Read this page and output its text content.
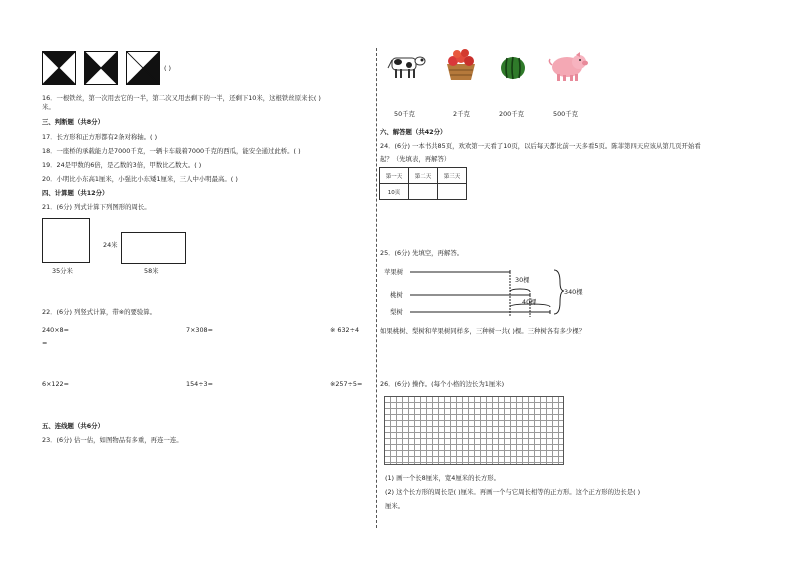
( )
16．一根铁丝，第一次用去它的一半，第二次又用去剩下的一半，还剩下10米，这根铁丝原来长( )
米。
三、判断题（共8分）
17．长方形和正方形都有2条对称轴。( )
18．一座桥的承载能力是7000千克，一辆卡车载着7000千克的西瓜，能安全通过此桥。( )
19．24是甲数的6倍，是乙数的3倍，甲数比乙数大。( )
20．小明比小东高1厘米，小强比小东矮1厘米，三人中小明最高。( )
四、计算题（共12分）
21．(6分) 列式计算下列图形的周长。
35分米
24米
58米
22．(6分) 列竖式计算，带※的要验算。
240×8=	7×308=	※ 632÷4
=
6×122=	154÷3=	※257÷5=
五、连线题（共6分）
23．(6分) 估一估，如图物品有多重，再连一连。
50千克	2千克	200千克	500千克
六、解答题（共42分）
24．(6分) 一本书共85页，欢欢第一天看了10页，以后每天都比前一天多看5页。陈菲第四天应该从第几页开始看
起？（先填表，再解答）
第一天	第二天	第三天
10页		
25．(6分) 先填空，再解答。
苹果树
桃树
梨树
30棵
40棵
340棵
如果桃树、梨树和苹果树同样多，三种树一共( )棵。三种树各有多少棵？
26．(6分) 操作。(每个小格的边长为1厘米)
(1) 画一个长8厘米，宽4厘米的长方形。
(2) 这个长方形的周长是( )厘米。再画一个与它周长相等的正方形。这个正方形的边长是( )
厘米。
